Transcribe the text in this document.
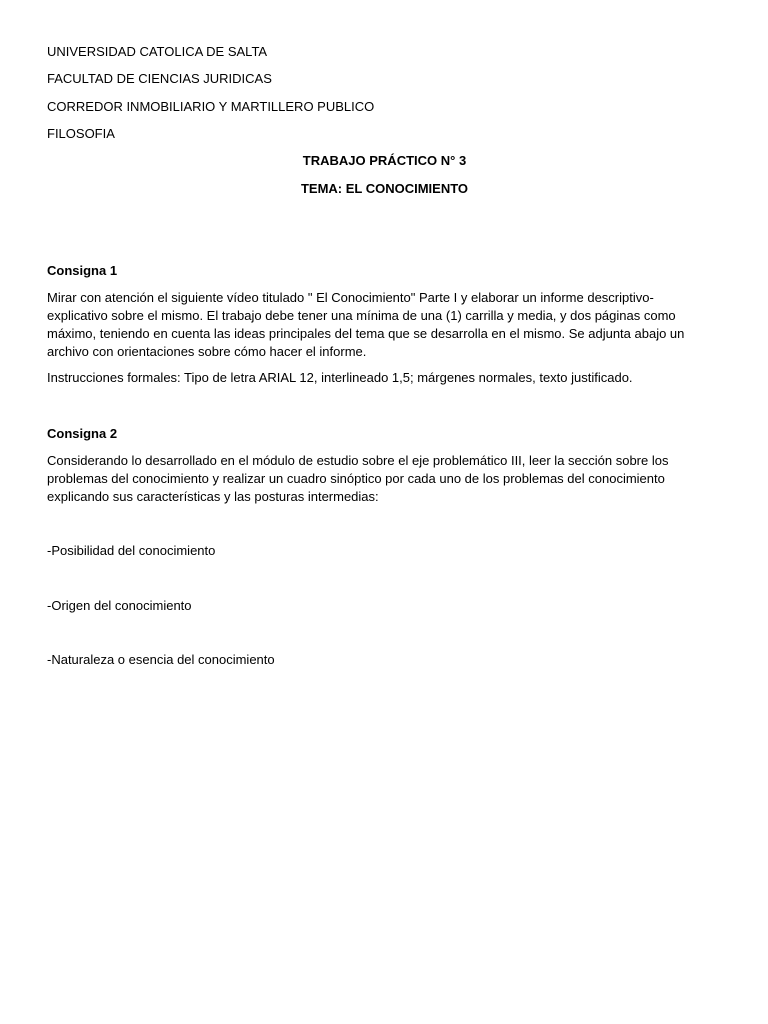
UNIVERSIDAD CATOLICA DE SALTA
FACULTAD DE CIENCIAS JURIDICAS
CORREDOR INMOBILIARIO Y MARTILLERO PUBLICO
FILOSOFIA
TRABAJO PRÁCTICO N° 3
TEMA: EL CONOCIMIENTO
Consigna 1
Mirar con atención el siguiente vídeo titulado " El Conocimiento" Parte I y elaborar un informe descriptivo-explicativo sobre el mismo. El trabajo debe tener una mínima de una (1) carrilla y media, y dos páginas como máximo, teniendo en cuenta las ideas principales del tema que se desarrolla en el mismo. Se adjunta abajo un archivo con orientaciones sobre cómo hacer el informe.
Instrucciones formales: Tipo de letra ARIAL 12, interlineado 1,5; márgenes normales, texto justificado.
Consigna 2
Considerando lo desarrollado en el módulo de estudio sobre el eje problemático III, leer la sección sobre los problemas del conocimiento y realizar un cuadro sinóptico por cada uno de los problemas del conocimiento explicando sus características y las posturas intermedias:
-Posibilidad del conocimiento
-Origen del conocimiento
-Naturaleza o esencia del conocimiento
